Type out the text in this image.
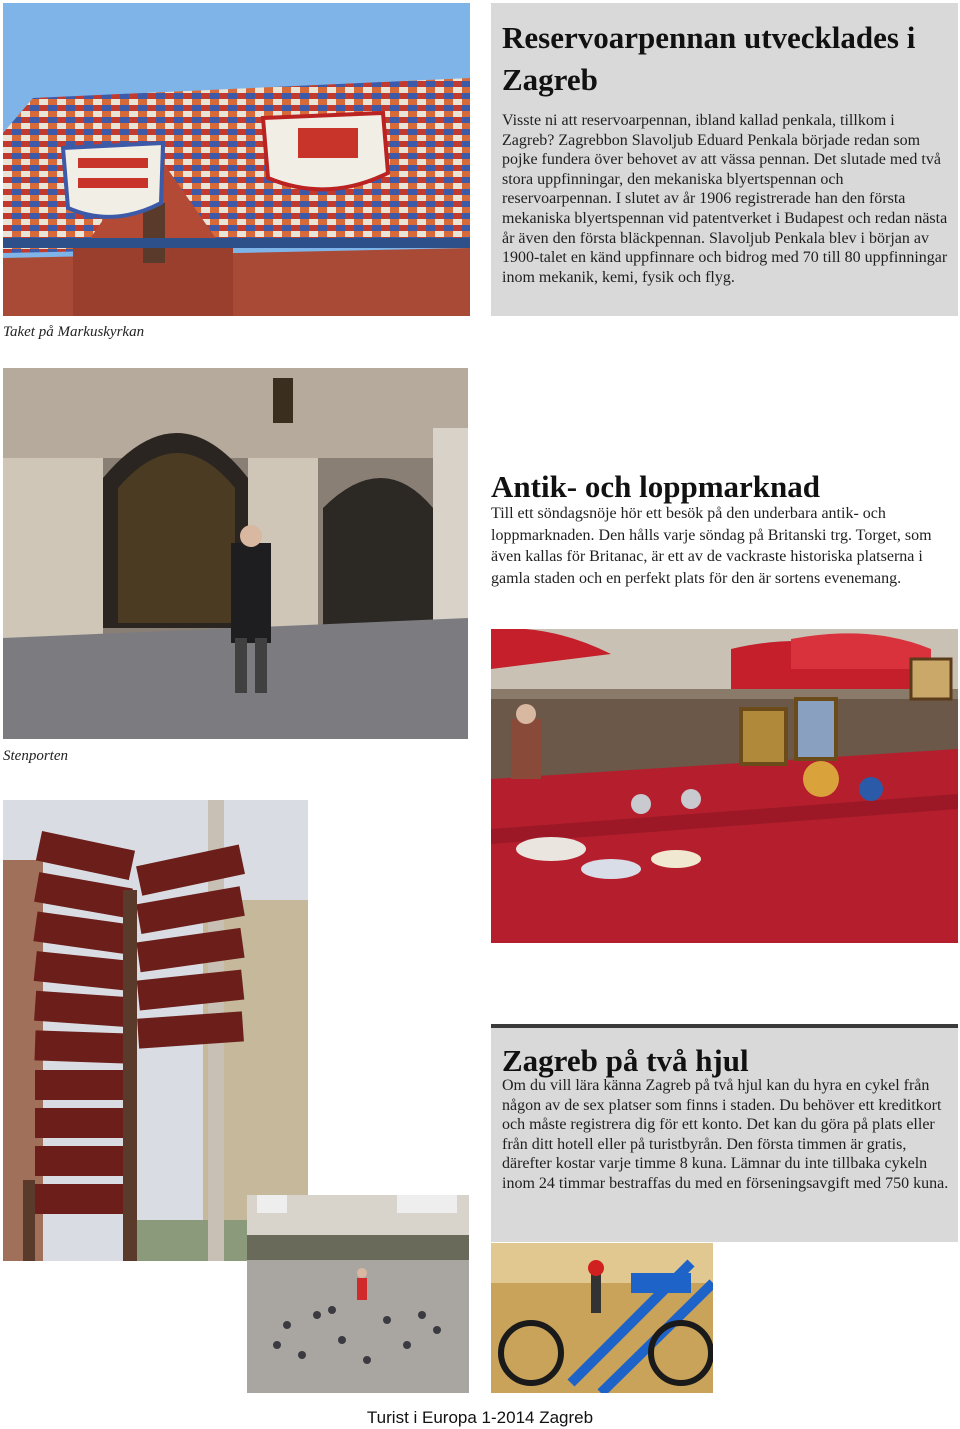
Taket på Markuskyrkan
Reservoarpennan utvecklades i Zagreb

Visste ni att reservoarpennan, ibland kallad penkala, tillkom i Zagreb? Zagrebbon Slavoljub Eduard Penkala började redan som pojke fundera över behovet av att vässa pennan. Det slutade med två stora uppfinningar, den mekaniska blyertspennan och reservoarpennan. I slutet av år 1906 registrerade han den första mekaniska blyertspennan vid patentverket i Budapest och redan nästa år även den första bläckpennan. Slavoljub Penkala blev i början av 1900-talet en känd uppfinnare och bidrog med 70 till 80 uppfinningar inom mekanik, kemi, fysik och flyg.

Stenporten
Antik- och loppmarknad

Till ett söndagsnöje hör ett besök på den underbara antik- och loppmarknaden. Den hålls varje söndag på Britanski trg. Torget, som även kallas för Britanac, är ett av de vackraste historiska platserna i gamla staden och en perfekt plats för den är sortens evenemang.

Zagreb på två hjul

Om du vill lära känna Zagreb på två hjul kan du hyra en cykel från någon av de sex platser som finns i staden. Du behöver ett kreditkort och måste registrera dig för ett konto. Det kan du göra på plats eller från ditt hotell eller på turistbyrån. Den första timmen är gratis, därefter kostar varje timme 8 kuna. Lämnar du inte tillbaka cykeln inom 24 timmar bestraffas du med en förseningsavgift med 750 kuna.

Turist i Europa 1-2014 Zagreb
